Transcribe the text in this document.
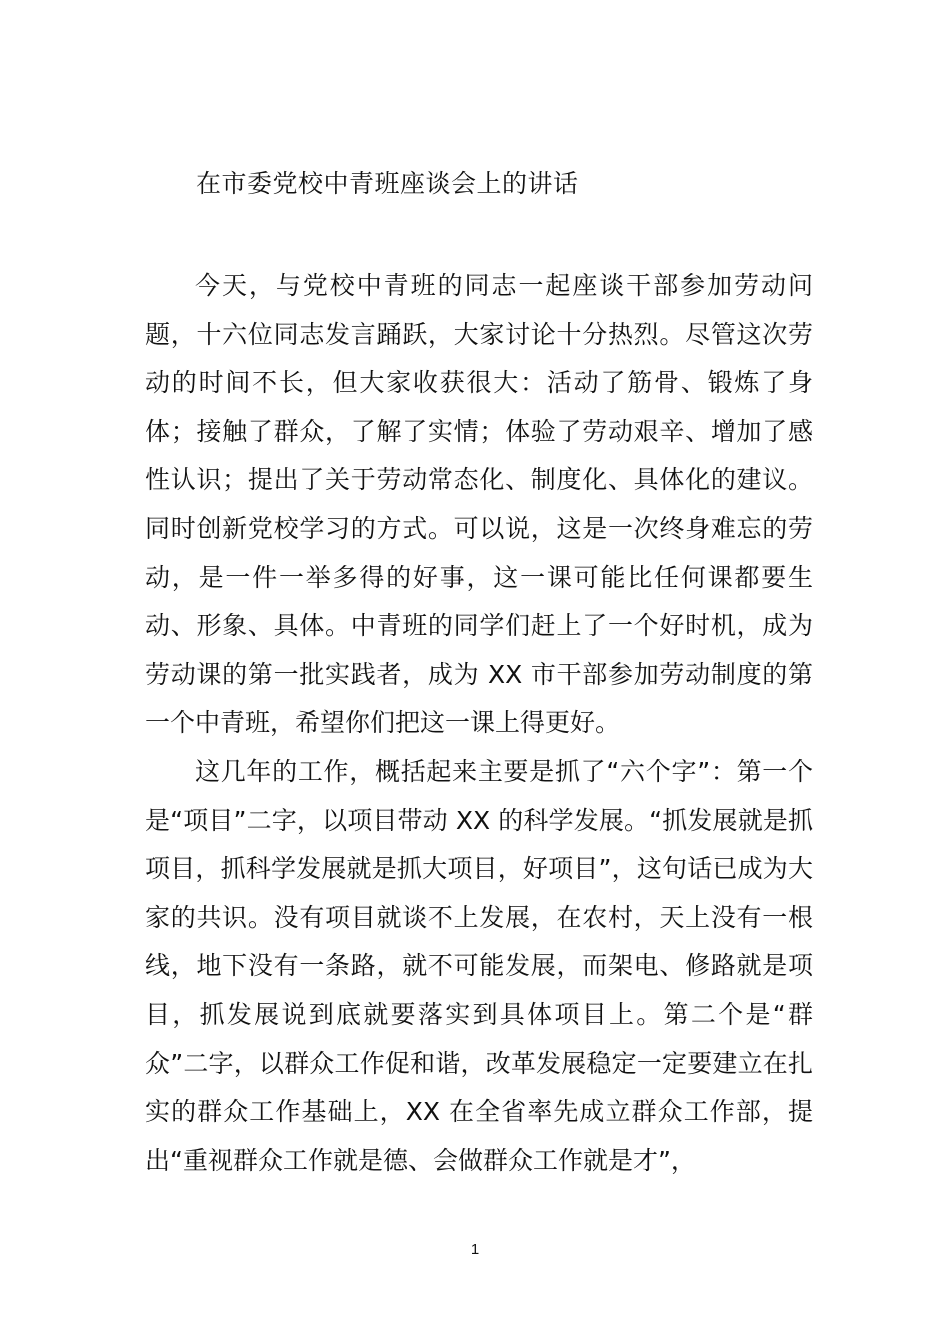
在市委党校中青班座谈会上的讲话

今天，与党校中青班的同志一起座谈干部参加劳动问题，十六位同志发言踊跃，大家讨论十分热烈。尽管这次劳动的时间不长，但大家收获很大：活动了筋骨、锻炼了身体；接触了群众，了解了实情；体验了劳动艰辛、增加了感性认识；提出了关于劳动常态化、制度化、具体化的建议。同时创新党校学习的方式。可以说，这是一次终身难忘的劳动，是一件一举多得的好事，这一课可能比任何课都要生动、形象、具体。中青班的同学们赶上了一个好时机，成为劳动课的第一批实践者，成为 XX 市干部参加劳动制度的第一个中青班，希望你们把这一课上得更好。

这几年的工作，概括起来主要是抓了“六个字”：第一个是“项目”二字，以项目带动 XX 的科学发展。“抓发展就是抓项目，抓科学发展就是抓大项目，好项目”，这句话已成为大家的共识。没有项目就谈不上发展，在农村，天上没有一根线，地下没有一条路，就不可能发展，而架电、修路就是项目，抓发展说到底就要落实到具体项目上。第二个是“群众”二字，以群众工作促和谐，改革发展稳定一定要建立在扎实的群众工作基础上，XX 在全省率先成立群众工作部，提出“重视群众工作就是德、会做群众工作就是才”，

1
